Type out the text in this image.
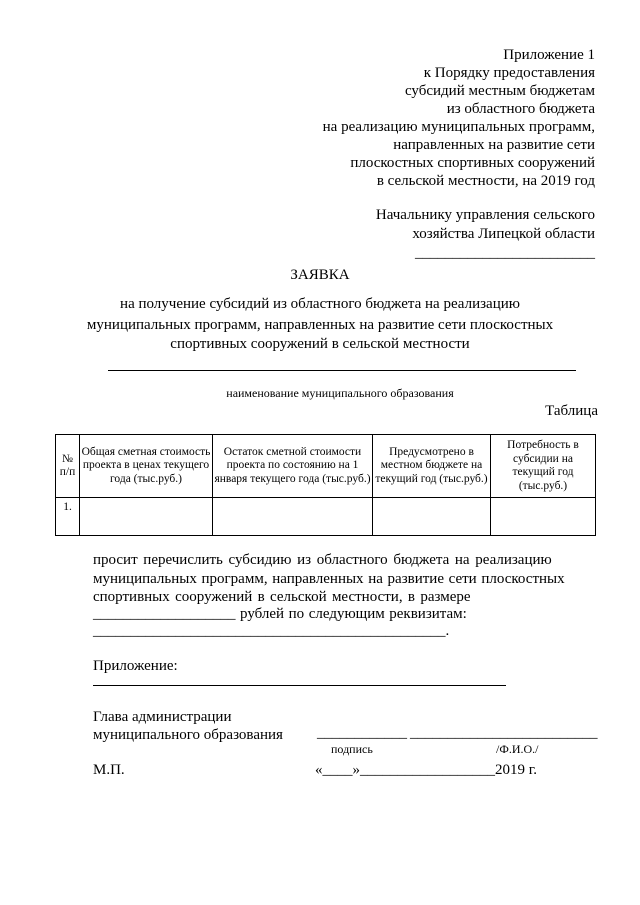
Приложение 1
к Порядку предоставления
субсидий местным бюджетам
из областного бюджета
на реализацию муниципальных программ,
направленных на развитие сети
плоскостных спортивных сооружений
в сельской местности, на 2019 год
Начальнику управления сельского
хозяйства Липецкой области
________________________
ЗАЯВКА
на получение субсидий из областного бюджета на реализацию
муниципальных программ, направленных на развитие сети плоскостных
спортивных сооружений в сельской местности
наименование муниципального образования
Таблица
№ п/п	Общая сметная стоимость проекта в ценах текущего года (тыс.руб.)	Остаток сметной стоимости проекта по состоянию на 1 января текущего года (тыс.руб.)	Предусмотрено в местном бюджете на текущий год (тыс.руб.)	Потребность в субсидии на текущий год (тыс.руб.)
1.				
просит перечислить субсидию из областного бюджета на реализацию
муниципальных программ, направленных на развитие сети плоскостных
спортивных сооружений в сельской местности, в размере
___________________ рублей по следующим реквизитам:
_______________________________________________.
Приложение:
Глава администрации
муниципального образования ____________ _________________________
подпись	/Ф.И.О./
М.П.	«____»__________________2019 г.
